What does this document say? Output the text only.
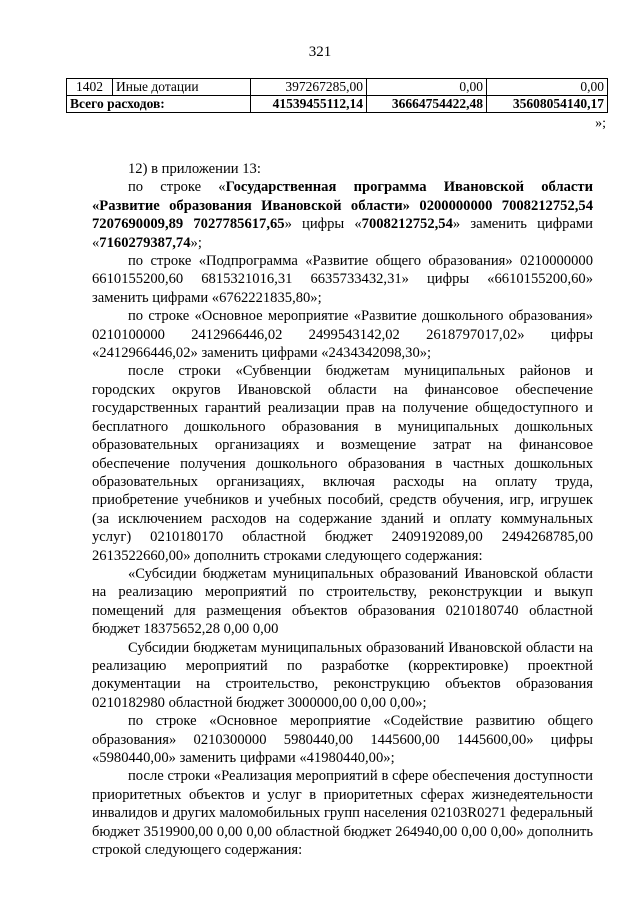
321
1402	Иные дотации	397267285,00	0,00	0,00
Всего расходов:		41539455112,14	36664754422,48	35608054140,17
»;

12) в приложении 13:

по строке «Государственная программа Ивановской области «Развитие образования Ивановской области» 0200000000 7008212752,54 7207690009,89 7027785617,65» цифры «7008212752,54» заменить цифрами «7160279387,74»;

по строке «Подпрограмма «Развитие общего образования» 0210000000 6610155200,60 6815321016,31 6635733432,31» цифры «6610155200,60» заменить цифрами «6762221835,80»;

по строке «Основное мероприятие «Развитие дошкольного образования» 0210100000 2412966446,02 2499543142,02 2618797017,02» цифры «2412966446,02» заменить цифрами «2434342098,30»;

после строки «Субвенции бюджетам муниципальных районов и городских округов Ивановской области на финансовое обеспечение государственных гарантий реализации прав на получение общедоступного и бесплатного дошкольного образования в муниципальных дошкольных образовательных организациях и возмещение затрат на финансовое обеспечение получения дошкольного образования в частных дошкольных образовательных организациях, включая расходы на оплату труда, приобретение учебников и учебных пособий, средств обучения, игр, игрушек (за исключением расходов на содержание зданий и оплату коммунальных услуг) 0210180170 областной бюджет 2409192089,00 2494268785,00 2613522660,00» дополнить строками следующего содержания:

«Субсидии бюджетам муниципальных образований Ивановской области на реализацию мероприятий по строительству, реконструкции и выкуп помещений для размещения объектов образования 0210180740 областной бюджет 18375652,28 0,00 0,00

Субсидии бюджетам муниципальных образований Ивановской области на реализацию мероприятий по разработке (корректировке) проектной документации на строительство, реконструкцию объектов образования 0210182980 областной бюджет 3000000,00 0,00 0,00»;

по строке «Основное мероприятие «Содействие развитию общего образования» 0210300000 5980440,00 1445600,00 1445600,00» цифры «5980440,00» заменить цифрами «41980440,00»;

после строки «Реализация мероприятий в сфере обеспечения доступности приоритетных объектов и услуг в приоритетных сферах жизнедеятельности инвалидов и других маломобильных групп населения 02103R0271 федеральный бюджет 3519900,00 0,00 0,00 областной бюджет 264940,00 0,00 0,00» дополнить строкой следующего содержания:
